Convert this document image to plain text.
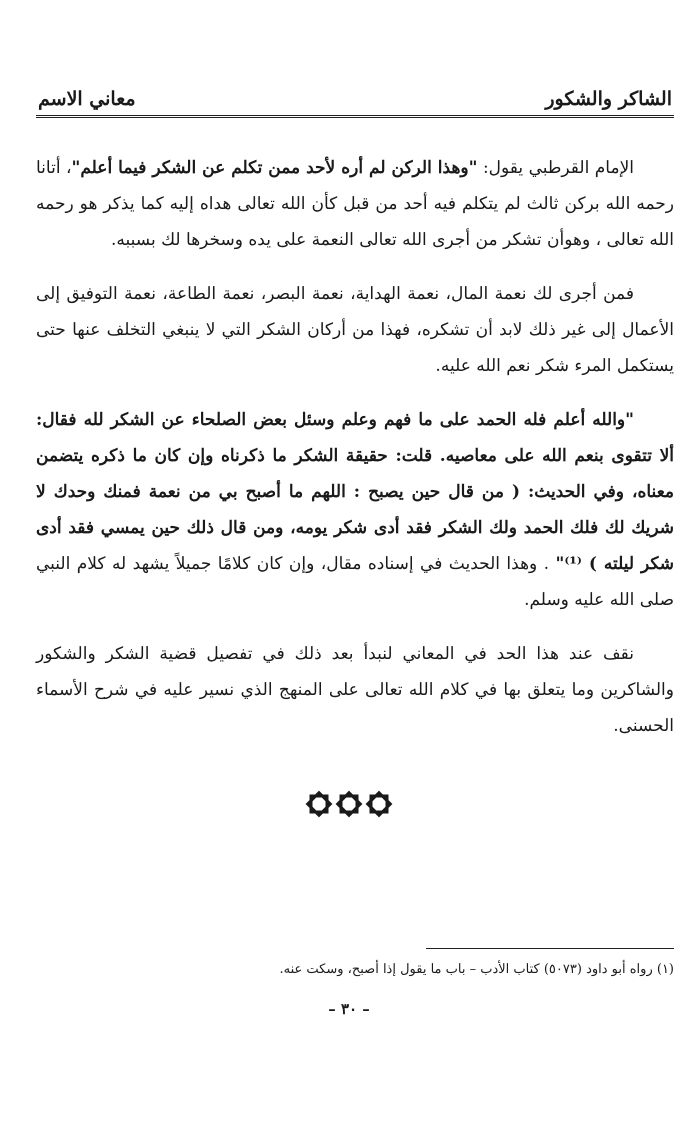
الشاكر والشكور
معاني الاسم

الإمام القرطبي يقول: "وهذا الركن لم أره لأحد ممن تكلم عن الشكر فيما أعلم"، أتانا رحمه الله بركن ثالث لم يتكلم فيه أحد من قبل كأن الله تعالى هداه إليه كما يذكر هو رحمه الله تعالى ، وهوأن تشكر من أجرى الله تعالى النعمة على يده وسخرها لك بسببه.

فمن أجرى لك نعمة المال، نعمة الهداية، نعمة البصر، نعمة الطاعة، نعمة التوفيق إلى الأعمال إلى غير ذلك لابد أن تشكره، فهذا من أركان الشكر التي لا ينبغي التخلف عنها حتى يستكمل المرء شكر نعم الله عليه.

"والله أعلم فله الحمد على ما فهم وعلم وسئل بعض الصلحاء عن الشكر لله فقال: ألا تتقوى بنعم الله على معاصيه. قلت: حقيقة الشكر ما ذكرناه وإن كان ما ذكره يتضمن معناه، وفي الحديث: ( من قال حين يصبح : اللهم ما أصبح بي من نعمة فمنك وحدك لا شريك لك فلك الحمد ولك الشكر فقد أدى شكر يومه، ومن قال ذلك حين يمسي فقد أدى شكر ليلته ) ⁽¹⁾" . وهذا الحديث في إسناده مقال، وإن كان كلامًا جميلاً يشهد له كلام النبي صلى الله عليه وسلم.

نقف عند هذا الحد في المعاني لنبدأ بعد ذلك في تفصيل قضية الشكر والشكور والشاكرين وما يتعلق بها في كلام الله تعالى على المنهج الذي نسير عليه في شرح الأسماء الحسنى.

(١) رواه أبو داود (٥٠٧٣) كتاب الأدب – باب ما يقول إذا أصبح، وسكت عنه.
– ٣٠ –
